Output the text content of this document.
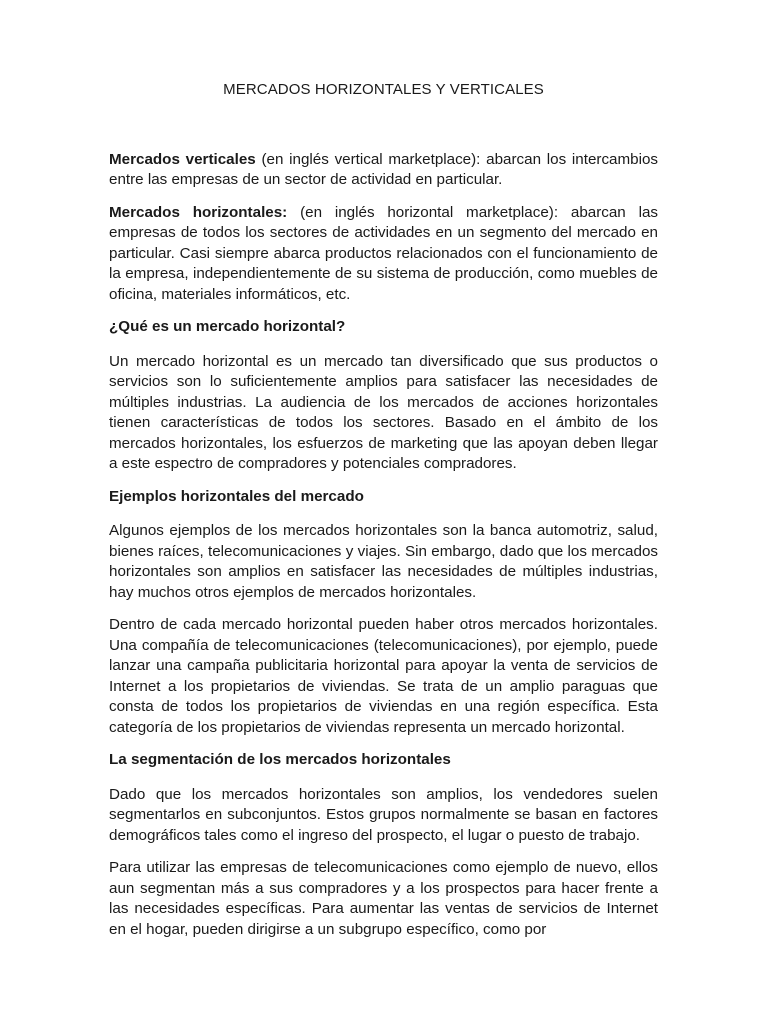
MERCADOS HORIZONTALES Y VERTICALES

Mercados verticales (en inglés vertical marketplace): abarcan los intercambios entre las empresas de un sector de actividad en particular.

Mercados horizontales: (en inglés horizontal marketplace): abarcan las empresas de todos los sectores de actividades en un segmento del mercado en particular. Casi siempre abarca productos relacionados con el funcionamiento de la empresa, independientemente de su sistema de producción, como muebles de oficina, materiales informáticos, etc.

¿Qué es un mercado horizontal?

Un mercado horizontal es un mercado tan diversificado que sus productos o servicios son lo suficientemente amplios para satisfacer las necesidades de múltiples industrias. La audiencia de los mercados de acciones horizontales tienen características de todos los sectores. Basado en el ámbito de los mercados horizontales, los esfuerzos de marketing que las apoyan deben llegar a este espectro de compradores y potenciales compradores.

Ejemplos horizontales del mercado

Algunos ejemplos de los mercados horizontales son la banca automotriz, salud, bienes raíces, telecomunicaciones y viajes. Sin embargo, dado que los mercados horizontales son amplios en satisfacer las necesidades de múltiples industrias, hay muchos otros ejemplos de mercados horizontales.

Dentro de cada mercado horizontal pueden haber otros mercados horizontales. Una compañía de telecomunicaciones (telecomunicaciones), por ejemplo, puede lanzar una campaña publicitaria horizontal para apoyar la venta de servicios de Internet a los propietarios de viviendas. Se trata de un amplio paraguas que consta de todos los propietarios de viviendas en una región específica. Esta categoría de los propietarios de viviendas representa un mercado horizontal.

La segmentación de los mercados horizontales

Dado que los mercados horizontales son amplios, los vendedores suelen segmentarlos en subconjuntos. Estos grupos normalmente se basan en factores demográficos tales como el ingreso del prospecto, el lugar o puesto de trabajo.

Para utilizar las empresas de telecomunicaciones como ejemplo de nuevo, ellos aun segmentan más a sus compradores y a los prospectos para hacer frente a las necesidades específicas. Para aumentar las ventas de servicios de Internet en el hogar, pueden dirigirse a un subgrupo específico, como por
